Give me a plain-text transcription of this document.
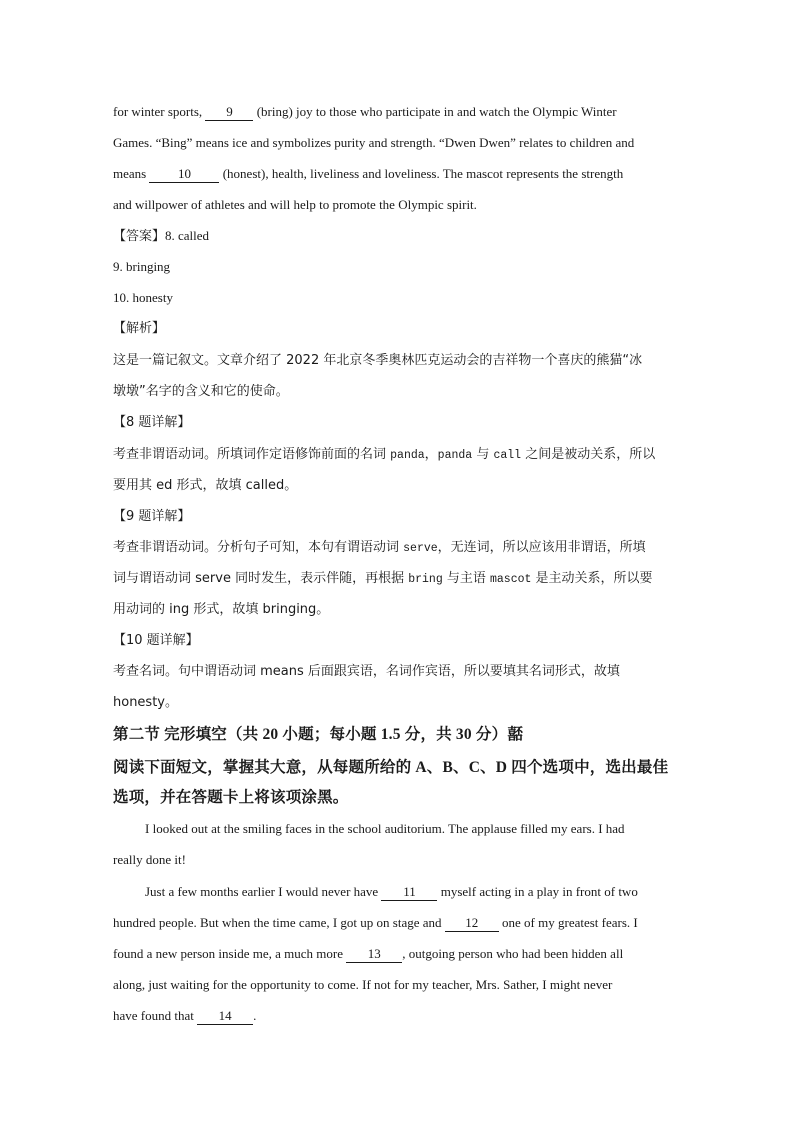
for winter sports, 9 (bring) joy to those who participate in and watch the Olympic Winter
Games. “Bing” means ice and symbolizes purity and strength. “Dwen Dwen” relates to children and
means 10 (honest), health, liveliness and loveliness. The mascot represents the strength
and willpower of athletes and will help to promote the Olympic spirit.
【答案】8. called
9. bringing
10. honesty
【解析】
这是一篇记叙文。文章介绍了 2022 年北京冬季奥林匹克运动会的吉祥物一个喜庆的熊猫“冰
墩墩”名字的含义和它的使命。
【8 题详解】
考查非谓语动词。所填词作定语修饰前面的名词 panda，panda 与 call 之间是被动关系，所以
要用其 ed 形式，故填 called。
【9 题详解】
考查非谓语动词。分析句子可知，本句有谓语动词 serve，无连词，所以应该用非谓语，所填
词与谓语动词 serve 同时发生，表示伴随，再根据 bring 与主语 mascot 是主动关系，所以要
用动词的 ing 形式，故填 bringing。
【10 题详解】
考查名词。句中谓语动词 means 后面跟宾语，名词作宾语，所以要填其名词形式，故填
honesty。
第二节 完形填空（共 20 小题；每小题 1.5 分，共 30 分）嚭
阅读下面短文，掌握其大意，从每题所给的 A、B、C、D 四个选项中，选出最佳
选项，并在答题卡上将该项涂黑。
I looked out at the smiling faces in the school auditorium. The applause filled my ears. I had
really done it!
Just a few months earlier I would never have 11 myself acting in a play in front of two
hundred people. But when the time came, I got up on stage and 12 one of my greatest fears. I
found a new person inside me, a much more 13 , outgoing person who had been hidden all
along, just waiting for the opportunity to come. If not for my teacher, Mrs. Sather, I might never
have found that 14 .
